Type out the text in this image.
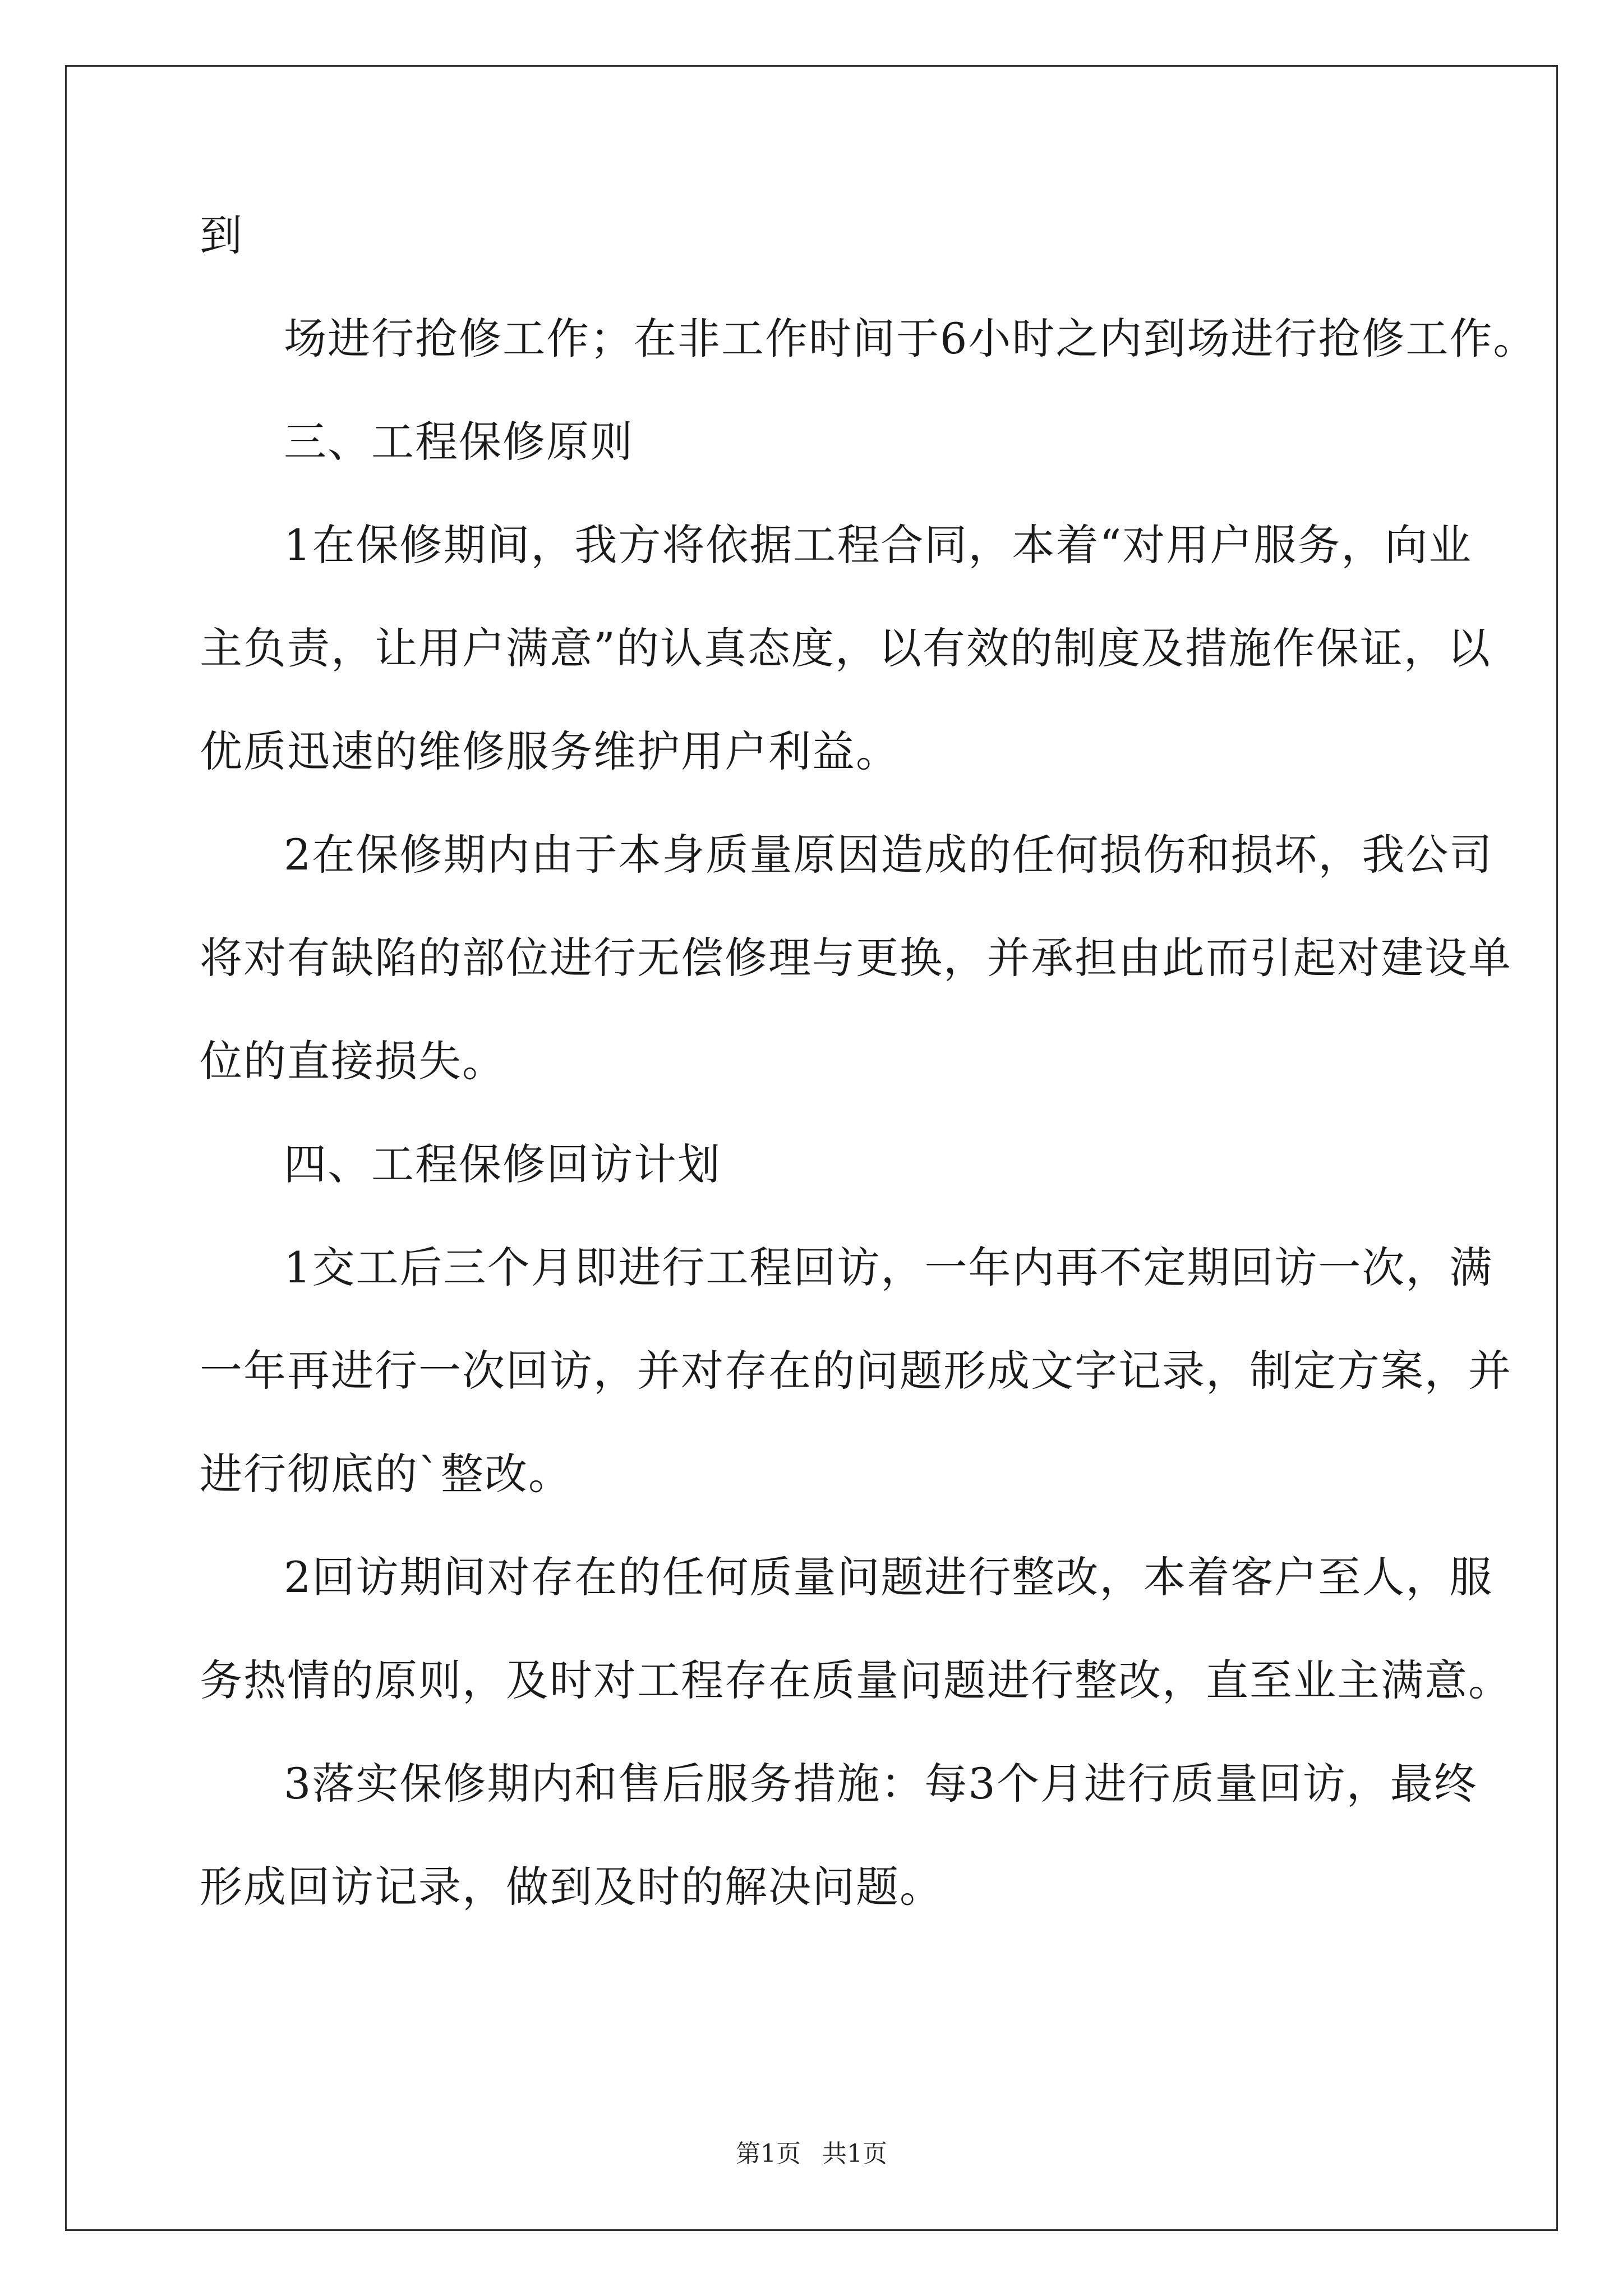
到
场进行抢修工作；在非工作时间于6小时之内到场进行抢修工作。
三、工程保修原则
1在保修期间，我方将依据工程合同，本着“对用户服务，向业
主负责，让用户满意”的认真态度，以有效的制度及措施作保证，以
优质迅速的维修服务维护用户利益。
2在保修期内由于本身质量原因造成的任何损伤和损坏，我公司
将对有缺陷的部位进行无偿修理与更换，并承担由此而引起对建设单
位的直接损失。
四、工程保修回访计划
1交工后三个月即进行工程回访，一年内再不定期回访一次，满
一年再进行一次回访，并对存在的问题形成文字记录，制定方案，并
进行彻底的`整改。
2回访期间对存在的任何质量问题进行整改，本着客户至人，服
务热情的原则，及时对工程存在质量问题进行整改，直至业主满意。
3落实保修期内和售后服务措施：每3个月进行质量回访，最终
形成回访记录，做到及时的解决问题。
第1页 共1页
